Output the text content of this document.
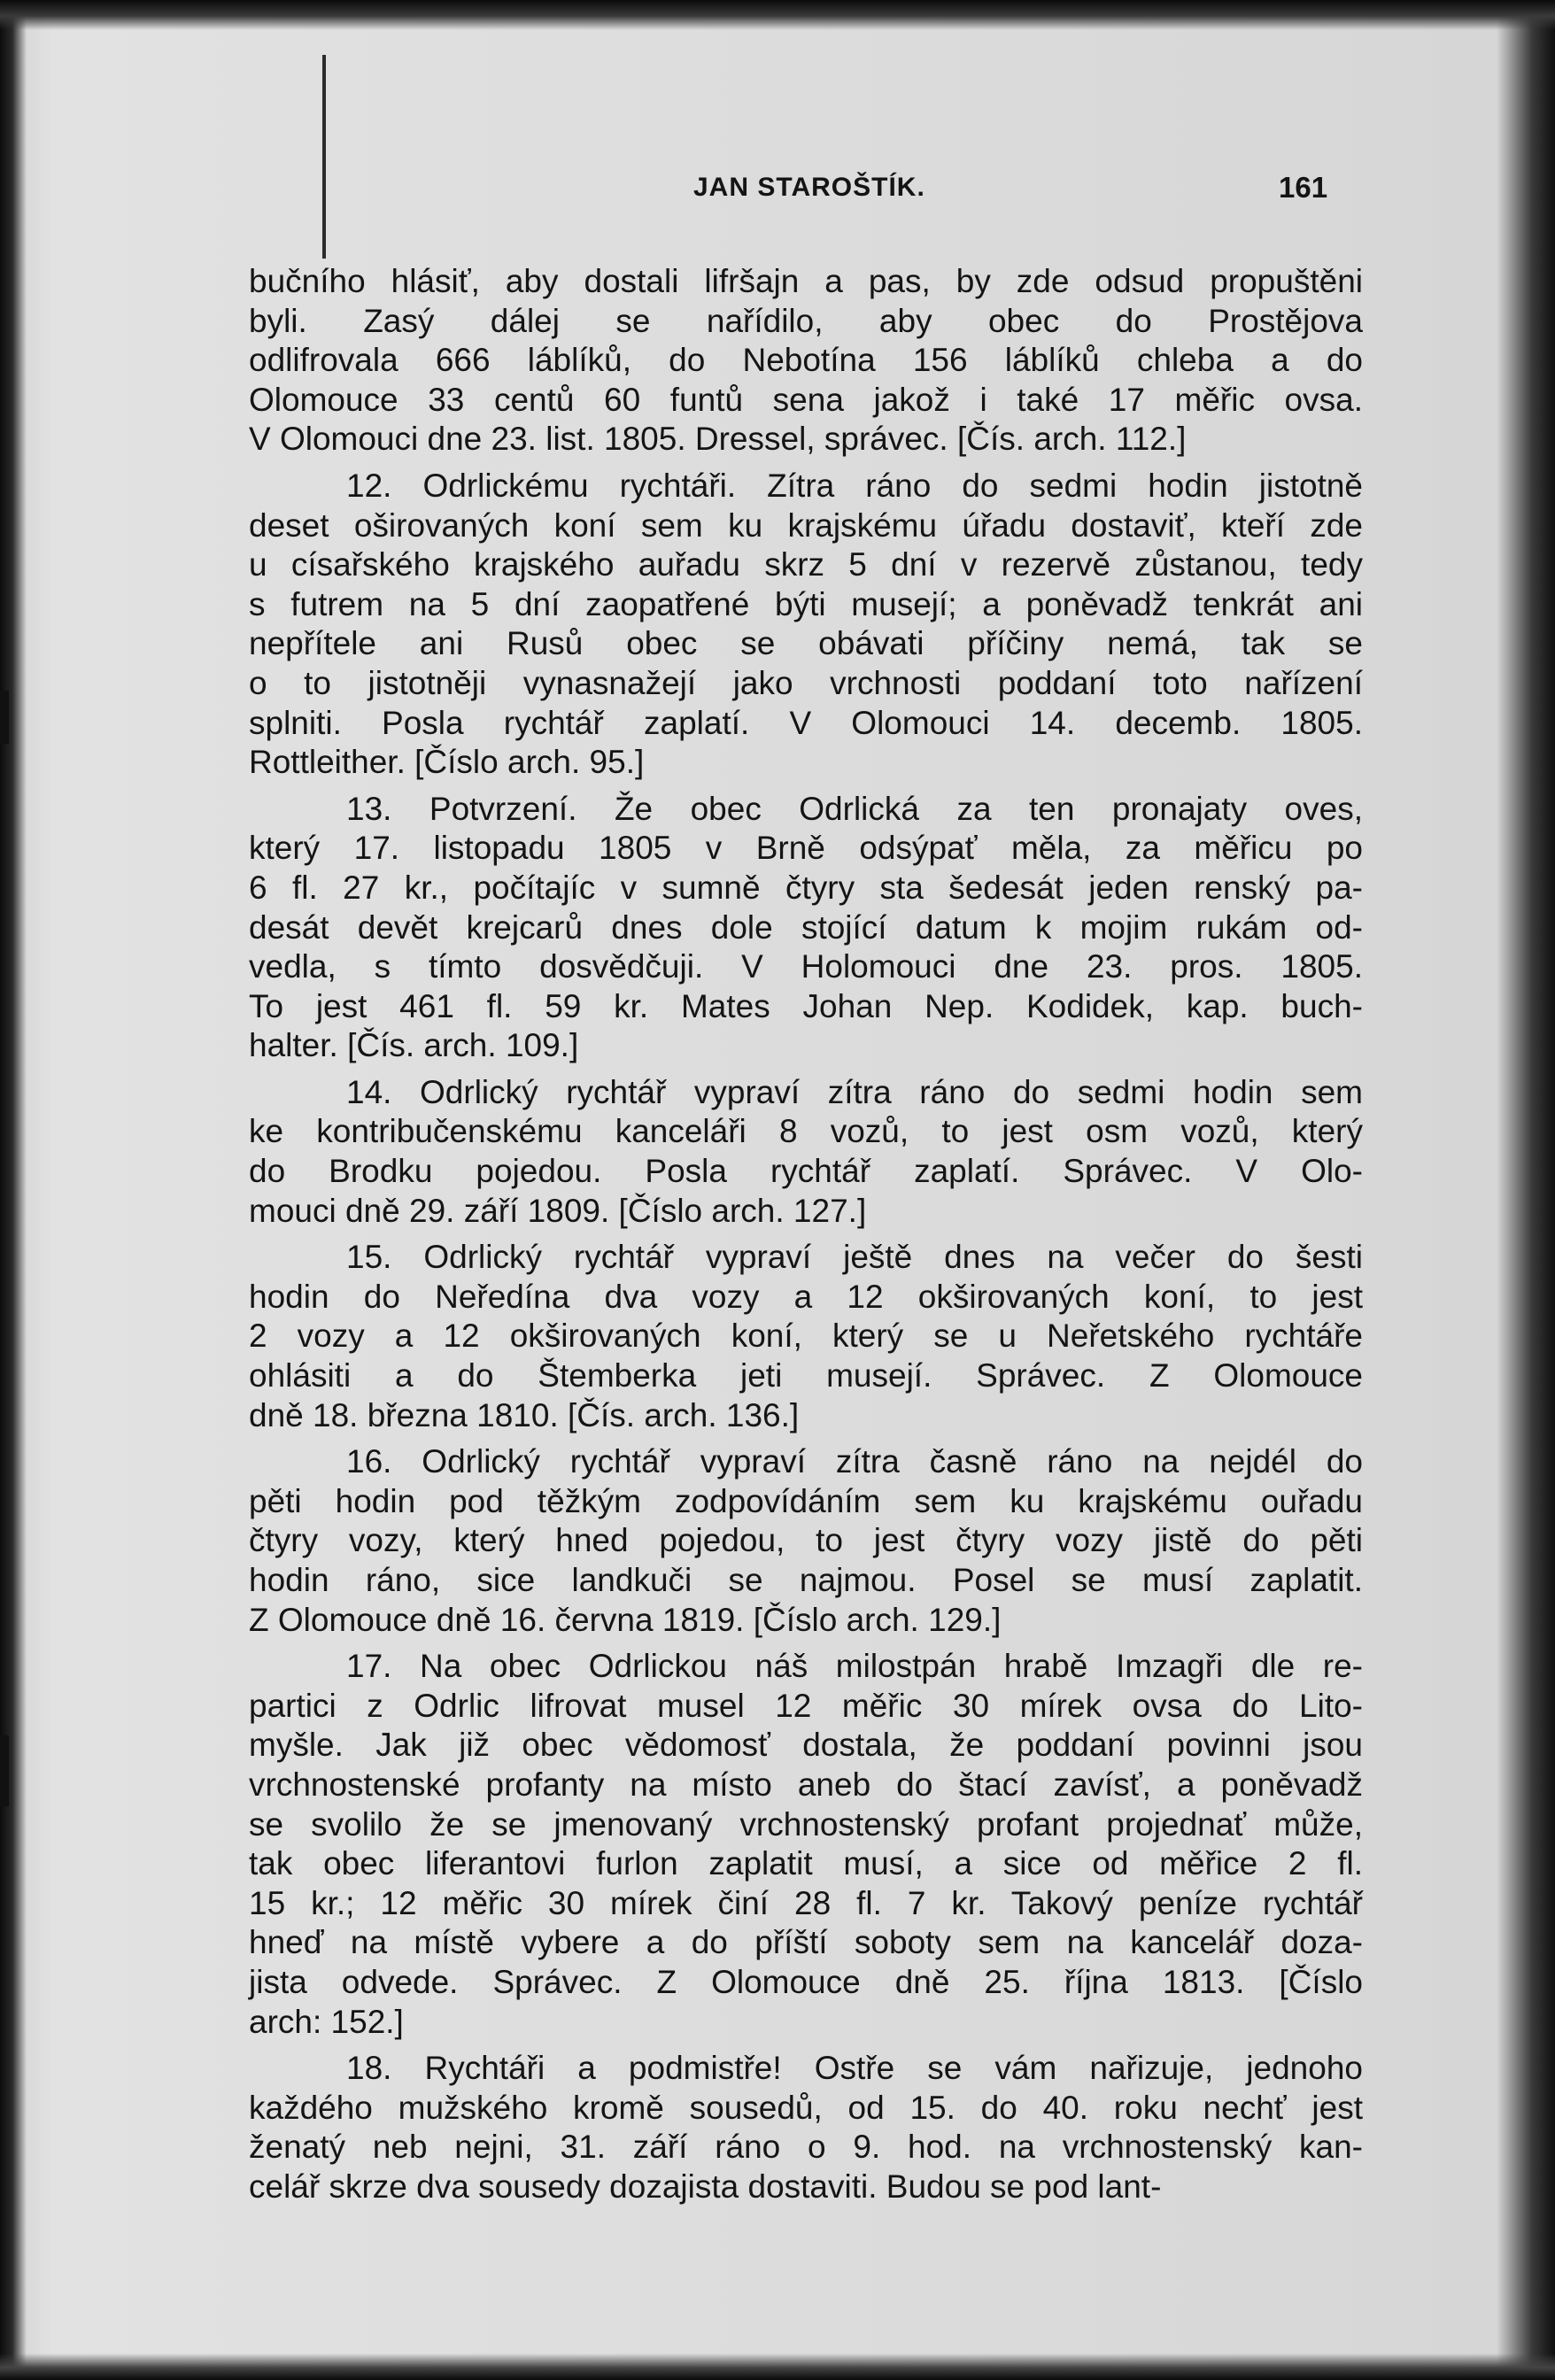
JAN STAROŠTÍK.	161
bučního hlásiť, aby dostali lifršajn a pas, by zde odsud propuštěni
byli. Zasý dálej se nařídilo, aby obec do Prostějova
odlifrovala 666 láblíků, do Nebotína 156 láblíků chleba a do
Olomouce 33 centů 60 funtů sena jakož i také 17 měřic ovsa.
V Olomouci dne 23. list. 1805. Dressel, správec. [Čís. arch. 112.]
12. Odrlickému rychtáři. Zítra ráno do sedmi hodin jistotně
deset oširovaných koní sem ku krajskému úřadu dostaviť, kteří zde
u císařského krajského auřadu skrz 5 dní v rezervě zůstanou, tedy
s futrem na 5 dní zaopatřené býti musejí; a poněvadž tenkrát ani
nepřítele ani Rusů obec se obávati příčiny nemá, tak se
o to jistotněji vynasnažejí jako vrchnosti poddaní toto nařízení
splniti. Posla rychtář zaplatí. V Olomouci 14. decemb. 1805.
Rottleither. [Číslo arch. 95.]
13. Potvrzení. Že obec Odrlická za ten pronajaty oves,
který 17. listopadu 1805 v Brně odsýpať měla, za měřicu po
6 fl. 27 kr., počítajíc v sumně čtyry sta šedesát jeden renský pa-
desát devět krejcarů dnes dole stojící datum k mojim rukám od-
vedla, s tímto dosvědčuji. V Holomouci dne 23. pros. 1805.
To jest 461 fl. 59 kr. Mates Johan Nep. Kodidek, kap. buch-
halter. [Čís. arch. 109.]
14. Odrlický rychtář vypraví zítra ráno do sedmi hodin sem
ke kontribučenskému kanceláři 8 vozů, to jest osm vozů, který
do Brodku pojedou. Posla rychtář zaplatí. Správec. V Olo-
mouci dně 29. září 1809. [Číslo arch. 127.]
15. Odrlický rychtář vypraví ještě dnes na večer do šesti
hodin do Neředína dva vozy a 12 okširovaných koní, to jest
2 vozy a 12 okširovaných koní, který se u Neřetského rychtáře
ohlásiti a do Štemberka jeti musejí. Správec. Z Olomouce
dně 18. března 1810. [Čís. arch. 136.]
16. Odrlický rychtář vypraví zítra časně ráno na nejdél do
pěti hodin pod těžkým zodpovídáním sem ku krajskému ouřadu
čtyry vozy, který hned pojedou, to jest čtyry vozy jistě do pěti
hodin ráno, sice landkuči se najmou. Posel se musí zaplatit.
Z Olomouce dně 16. června 1819. [Číslo arch. 129.]
17. Na obec Odrlickou náš milostpán hrabě Imzagři dle re-
partici z Odrlic lifrovat musel 12 měřic 30 mírek ovsa do Lito-
myšle. Jak již obec vědomosť dostala, že poddaní povinni jsou
vrchnostenské profanty na místo aneb do štací zavísť, a poněvadž
se svolilo že se jmenovaný vrchnostenský profant projednať může,
tak obec liferantovi furlon zaplatit musí, a sice od měřice 2 fl.
15 kr.; 12 měřic 30 mírek činí 28 fl. 7 kr. Takový peníze rychtář
hneď na místě vybere a do příští soboty sem na kancelář doza-
jista odvede. Správec. Z Olomouce dně 25. října 1813. [Číslo
arch: 152.]
18. Rychtáři a podmistře! Ostře se vám nařizuje, jednoho
každého mužského kromě sousedů, od 15. do 40. roku nechť jest
ženatý neb nejni, 31. září ráno o 9. hod. na vrchnostenský kan-
celář skrze dva sousedy dozajista dostaviti. Budou se pod lant-
